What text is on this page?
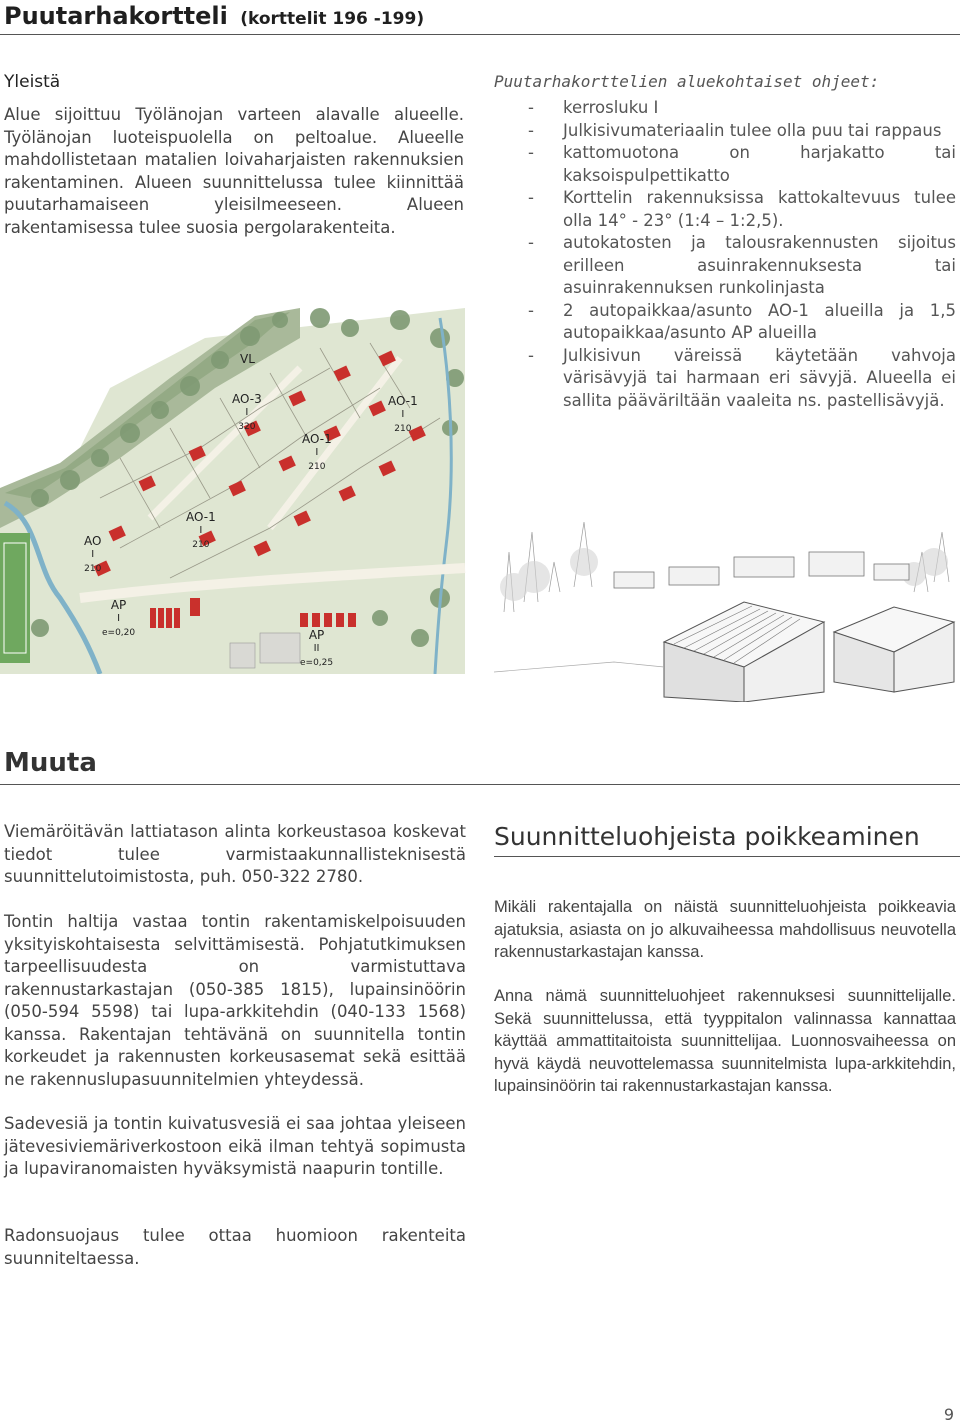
Puutarhakortteli (korttelit 196 -199)
Yleistä
Alue sijoittuu Työlänojan varteen alavalle alueelle. Työlänojan luoteispuolella on peltoalue. Alueelle mahdollistetaan matalien loivaharjaisten rakennuksien rakentaminen. Alueen suunnittelussa tulee kiinnittää puutarhamaiseen yleisilmeeseen. Alueen rakentamisessa tulee suosia pergolarakenteita.
Puutarhakorttelien aluekohtaiset ohjeet:
- kerrosluku I
- Julkisivumateriaalin tulee olla puu tai rappaus
- kattomuotona on harjakatto tai kaksoispulpettikatto
- Korttelin rakennuksissa kattokaltevuus tulee olla 14° - 23° (1:4 – 1:2,5).
- autokatosten ja talousrakennusten sijoitus erilleen asuinrakennuksesta tai asuinrakennuksen runkolinjasta
- 2 autopaikkaa/asunto AO-1 alueilla ja 1,5 autopaikkaa/asunto AP alueilla
- Julkisivun väreissä käytetään vahvoja värisävyjä tai harmaan eri sävyjä. Alueella ei sallita pääväriltään vaaleita ns. pastellisävyjä.
VL
AO-3
I
320
AO-1
I
210
AO-1
I
210
AO-1
I
210
AO
I
210
AP
I
e=0,20	AP
II
e=0,25
Muuta
Viemäröitävän lattiatason alinta korkeustasoa koskevat tiedot tulee varmistaakunnallisteknisestä suunnittelutoimistosta, puh. 050-322 2780.
Tontin haltija vastaa tontin rakentamiskelpoisuuden yksityiskohtaisesta selvittämisestä. Pohjatutkimuksen tarpeellisuudesta on varmistuttava rakennustarkastajan (050-385 1815), lupainsinöörin (050-594 5598) tai lupa-arkkitehdin (040-133 1568) kanssa. Rakentajan tehtävänä on suunnitella tontin korkeudet ja rakennusten korkeusasemat sekä esittää ne rakennuslupasuunnitelmien yhteydessä.
Sadevesiä ja tontin kuivatusvesiä ei saa johtaa yleiseen jätevesiviemäriverkostoon eikä ilman tehtyä sopimusta ja lupaviranomaisten hyväksymistä naapurin tontille.
Radonsuojaus tulee ottaa huomioon rakenteita suunniteltaessa.
Suunnitteluohjeista poikkeaminen
Mikäli rakentajalla on näistä suunnitteluohjeista poikkeavia ajatuksia, asiasta on jo alkuvaiheessa mahdollisuus neuvotella rakennustarkastajan kanssa.
Anna nämä suunnitteluohjeet rakennuksesi suunnittelijalle. Sekä suunnittelussa, että tyyppitalon valinnassa kannattaa käyttää ammattitaitoista suunnittelijaa. Luonnosvaiheessa on hyvä käydä neuvottelemassa suunnitelmista lupa-arkkitehdin, lupainsinöörin tai rakennustarkastajan kanssa.
9
